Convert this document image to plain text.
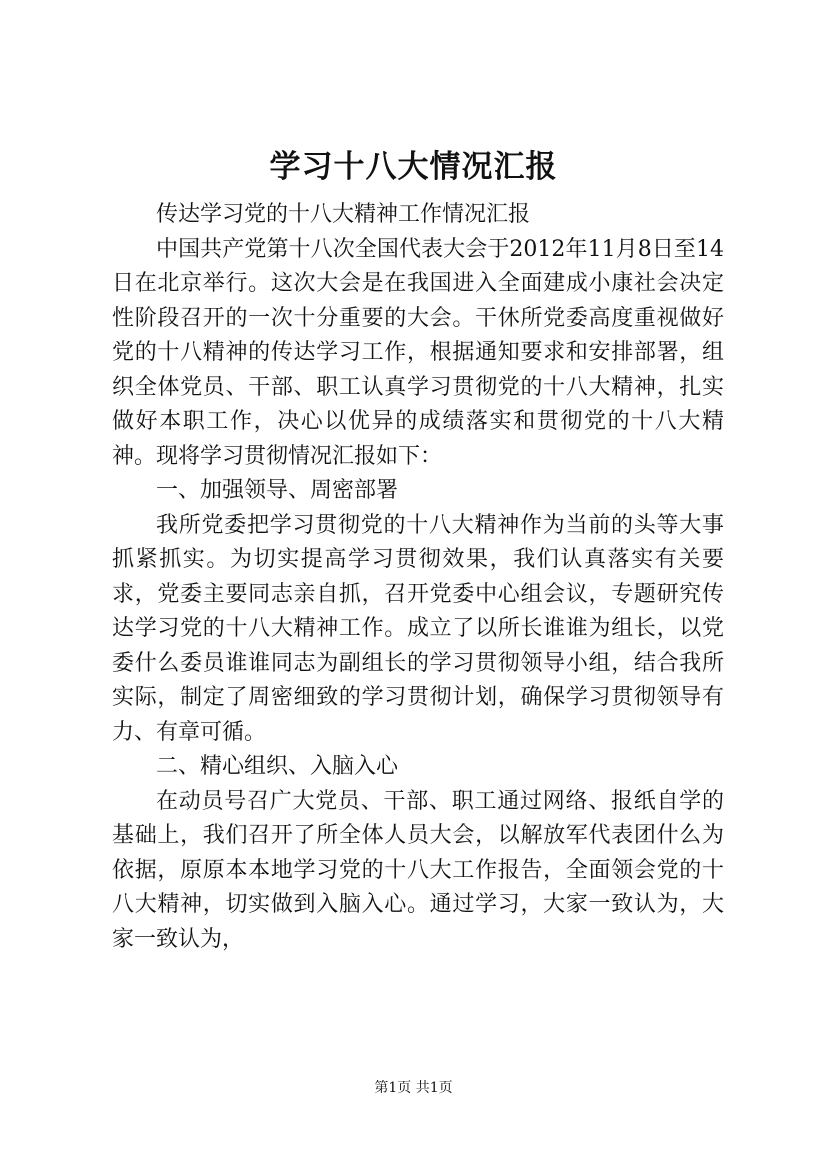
学习十八大情况汇报

传达学习党的十八大精神工作情况汇报

中国共产党第十八次全国代表大会于2012年11月8日至14日在北京举行。这次大会是在我国进入全面建成小康社会决定性阶段召开的一次十分重要的大会。干休所党委高度重视做好党的十八精神的传达学习工作，根据通知要求和安排部署，组织全体党员、干部、职工认真学习贯彻党的十八大精神，扎实做好本职工作，决心以优异的成绩落实和贯彻党的十八大精神。现将学习贯彻情况汇报如下：

一、加强领导、周密部署

我所党委把学习贯彻党的十八大精神作为当前的头等大事抓紧抓实。为切实提高学习贯彻效果，我们认真落实有关要求，党委主要同志亲自抓，召开党委中心组会议，专题研究传达学习党的十八大精神工作。成立了以所长谁谁为组长，以党委什么委员谁谁同志为副组长的学习贯彻领导小组，结合我所实际，制定了周密细致的学习贯彻计划，确保学习贯彻领导有力、有章可循。

二、精心组织、入脑入心

在动员号召广大党员、干部、职工通过网络、报纸自学的基础上，我们召开了所全体人员大会，以解放军代表团什么为依据，原原本本地学习党的十八大工作报告，全面领会党的十八大精神，切实做到入脑入心。通过学习，大家一致认为，大家一致认为，

第1页 共1页
